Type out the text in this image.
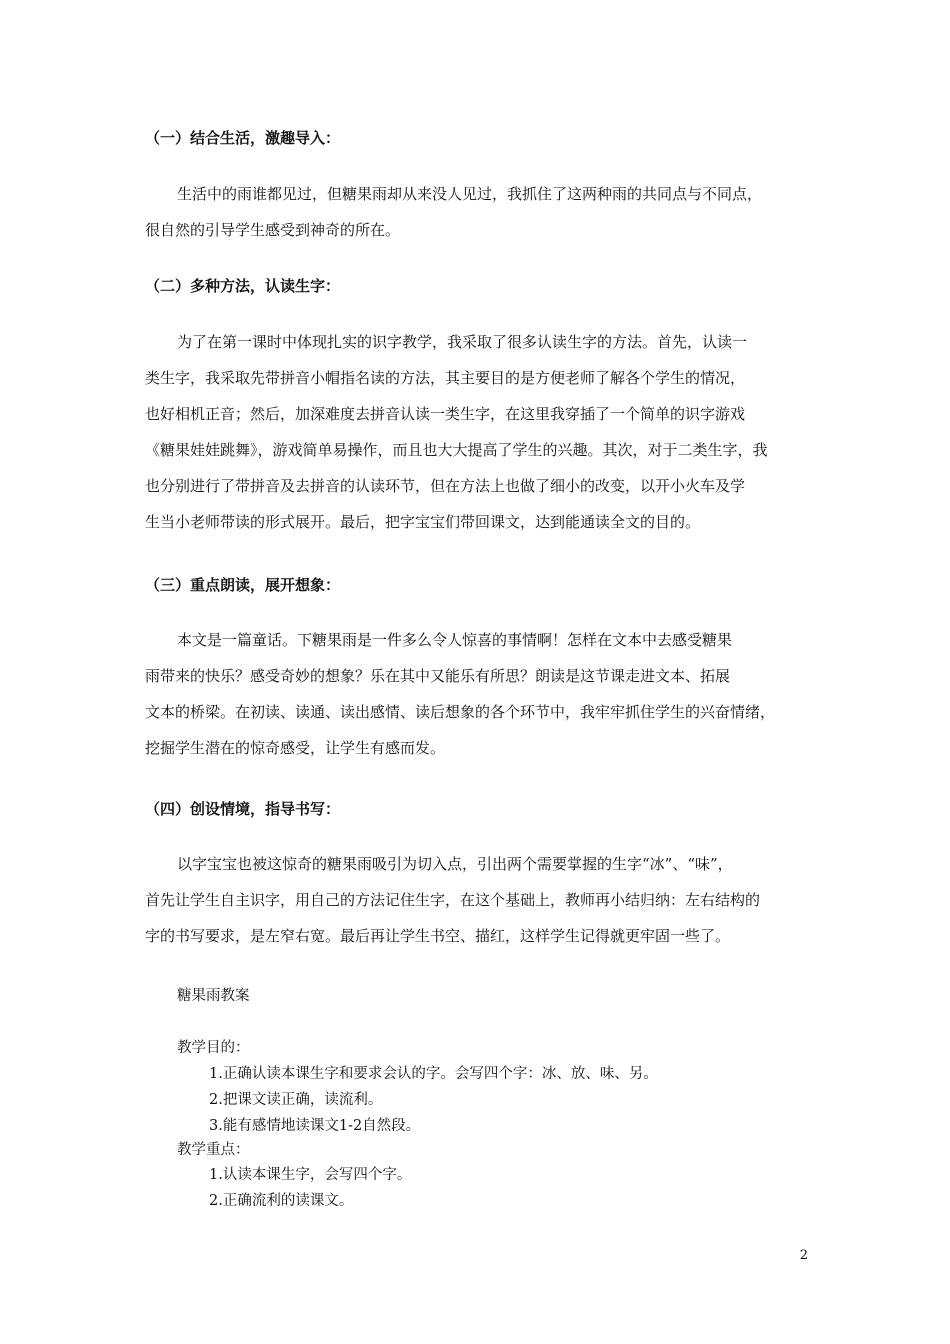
（一）结合生活，激趣导入：
生活中的雨谁都见过，但糖果雨却从来没人见过，我抓住了这两种雨的共同点与不同点，
很自然的引导学生感受到神奇的所在。
（二）多种方法，认读生字：
为了在第一课时中体现扎实的识字教学，我采取了很多认读生字的方法。首先，认读一
类生字，我采取先带拼音小帽指名读的方法，其主要目的是方便老师了解各个学生的情况，
也好相机正音；然后，加深难度去拼音认读一类生字，在这里我穿插了一个简单的识字游戏
《糖果娃娃跳舞》，游戏简单易操作，而且也大大提高了学生的兴趣。其次，对于二类生字，我
也分别进行了带拼音及去拼音的认读环节，但在方法上也做了细小的改变，以开小火车及学
生当小老师带读的形式展开。最后，把字宝宝们带回课文，达到能通读全文的目的。
（三）重点朗读，展开想象：
本文是一篇童话。下糖果雨是一件多么令人惊喜的事情啊！怎样在文本中去感受糖果
雨带来的快乐？感受奇妙的想象？乐在其中又能乐有所思？朗读是这节课走进文本、拓展
文本的桥梁。在初读、读通、读出感情、读后想象的各个环节中，我牢牢抓住学生的兴奋情绪，
挖掘学生潜在的惊奇感受，让学生有感而发。
（四）创设情境，指导书写：
以字宝宝也被这惊奇的糖果雨吸引为切入点，引出两个需要掌握的生字“冰”、“味”，
首先让学生自主识字，用自己的方法记住生字，在这个基础上，教师再小结归纳：左右结构的
字的书写要求，是左窄右宽。最后再让学生书空、描红，这样学生记得就更牢固一些了。
糖果雨教案
教学目的：
1.正确认读本课生字和要求会认的字。会写四个字：冰、放、味、另。
2.把课文读正确，读流利。
3.能有感情地读课文1-2自然段。
教学重点：
1.认读本课生字，会写四个字。
2.正确流利的读课文。
2
